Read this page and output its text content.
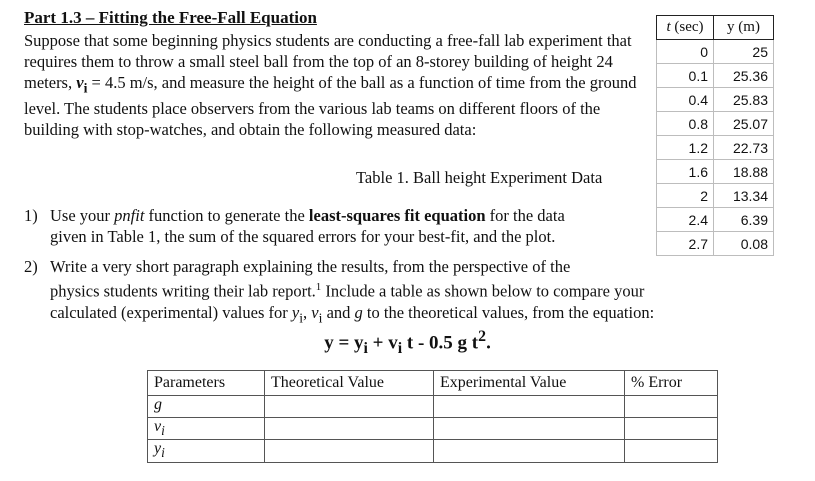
Part 1.3 – Fitting the Free-Fall Equation

Suppose that some beginning physics students are conducting a free-fall lab experiment that requires them to throw a small steel ball from the top of an 8-storey building of height 24 meters, $v_i = 4.5$ m/s, and measure the height of the ball as a function of time from the ground level. The students place observers from the various lab teams on different floors of the building with stop-watches, and obtain the following measured data:

Table 1. Ball height Experiment Data

t (sec)	y (m)
0	25
0.1	25.36
0.4	25.83
0.8	25.07
1.2	22.73
1.6	18.88
2	13.34
2.4	6.39
2.7	0.08
1) Use your pnfit function to generate the least-squares fit equation for the data
given in Table 1, the sum of the squared errors for your best-fit, and the plot.
2) Write a very short paragraph explaining the results, from the perspective of the
physics students writing their lab report.$^1$ Include a table as shown below to compare your
calculated (experimental) values for $y_i$, $v_i$ and g to the theoretical values, from the equation:

$y = y_i + v_i$ t - 0.5 g $t^2$.

Parameters	Theoretical Value	Experimental Value	% Error
g			
$v_i$			
$y_i$			
